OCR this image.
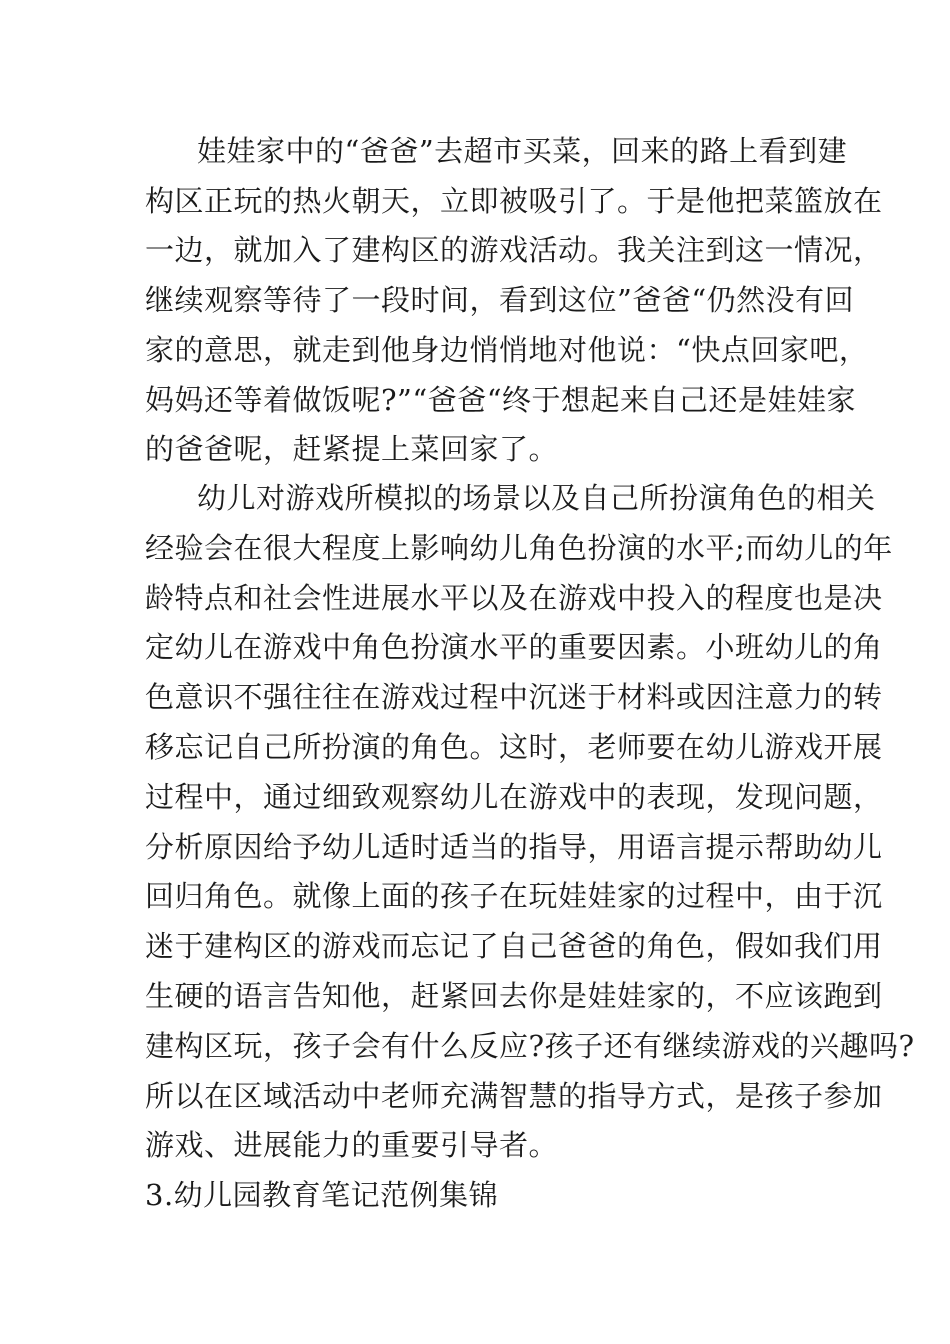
娃娃家中的“爸爸”去超市买菜，回来的路上看到建
构区正玩的热火朝天，立即被吸引了。于是他把菜篮放在
一边，就加入了建构区的游戏活动。我关注到这一情况，
继续观察等待了一段时间，看到这位”爸爸“仍然没有回
家的意思，就走到他身边悄悄地对他说：“快点回家吧，
妈妈还等着做饭呢?”“爸爸“终于想起来自己还是娃娃家
的爸爸呢，赶紧提上菜回家了。
幼儿对游戏所模拟的场景以及自己所扮演角色的相关
经验会在很大程度上影响幼儿角色扮演的水平;而幼儿的年
龄特点和社会性进展水平以及在游戏中投入的程度也是决
定幼儿在游戏中角色扮演水平的重要因素。小班幼儿的角
色意识不强往往在游戏过程中沉迷于材料或因注意力的转
移忘记自己所扮演的角色。这时，老师要在幼儿游戏开展
过程中，通过细致观察幼儿在游戏中的表现，发现问题，
分析原因给予幼儿适时适当的指导，用语言提示帮助幼儿
回归角色。就像上面的孩子在玩娃娃家的过程中，由于沉
迷于建构区的游戏而忘记了自己爸爸的角色，假如我们用
生硬的语言告知他，赶紧回去你是娃娃家的，不应该跑到
建构区玩，孩子会有什么反应?孩子还有继续游戏的兴趣吗?
所以在区域活动中老师充满智慧的指导方式，是孩子参加
游戏、进展能力的重要引导者。
3.幼儿园教育笔记范例集锦
